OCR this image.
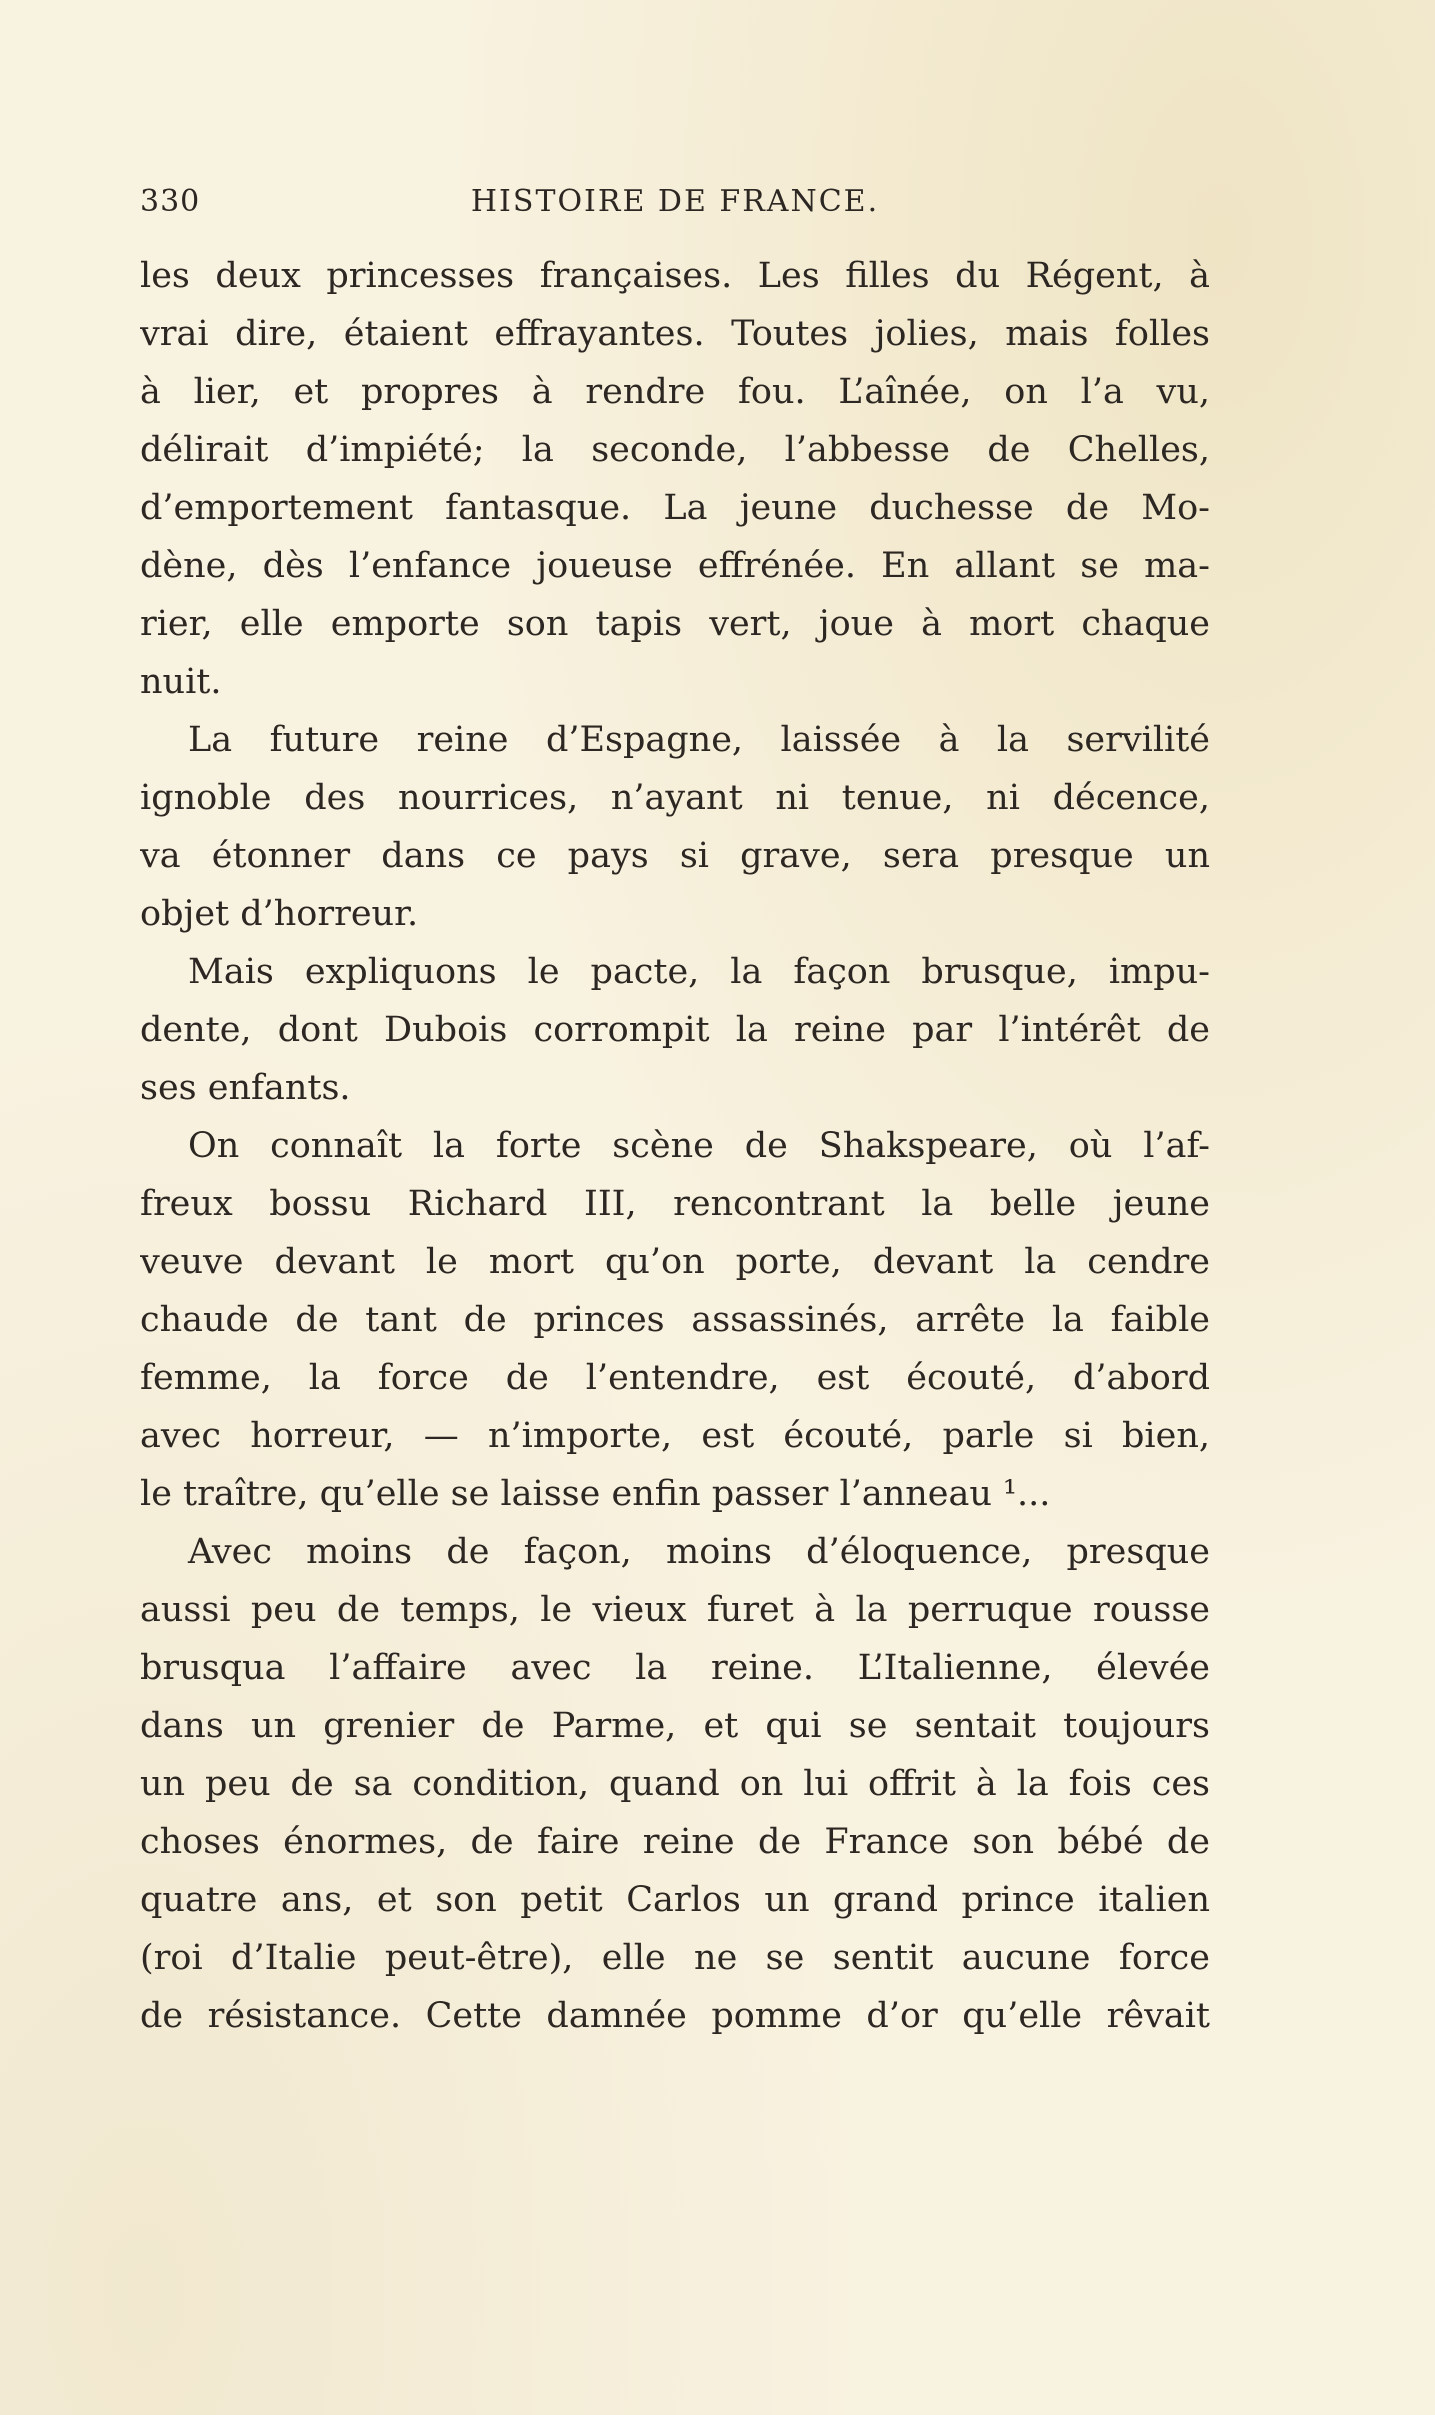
330	HISTOIRE DE FRANCE.
les deux princesses françaises. Les filles du Régent, à
vrai dire, étaient effrayantes. Toutes jolies, mais folles
à lier, et propres à rendre fou. L’aînée, on l’a vu,
délirait d’impiété; la seconde, l’abbesse de Chelles,
d’emportement fantasque. La jeune duchesse de Mo-
dène, dès l’enfance joueuse effrénée. En allant se ma-
rier, elle emporte son tapis vert, joue à mort chaque
nuit.
La future reine d’Espagne, laissée à la servilité
ignoble des nourrices, n’ayant ni tenue, ni décence,
va étonner dans ce pays si grave, sera presque un
objet d’horreur.
Mais expliquons le pacte, la façon brusque, impu-
dente, dont Dubois corrompit la reine par l’intérêt de
ses enfants.
On connaît la forte scène de Shakspeare, où l’af-
freux bossu Richard III, rencontrant la belle jeune
veuve devant le mort qu’on porte, devant la cendre
chaude de tant de princes assassinés, arrête la faible
femme, la force de l’entendre, est écouté, d’abord
avec horreur, — n’importe, est écouté, parle si bien,
le traître, qu’elle se laisse enfin passer l’anneau ¹...
Avec moins de façon, moins d’éloquence, presque
aussi peu de temps, le vieux furet à la perruque rousse
brusqua l’affaire avec la reine. L’Italienne, élevée
dans un grenier de Parme, et qui se sentait toujours
un peu de sa condition, quand on lui offrit à la fois ces
choses énormes, de faire reine de France son bébé de
quatre ans, et son petit Carlos un grand prince italien
(roi d’Italie peut-être), elle ne se sentit aucune force
de résistance. Cette damnée pomme d’or qu’elle rêvait
